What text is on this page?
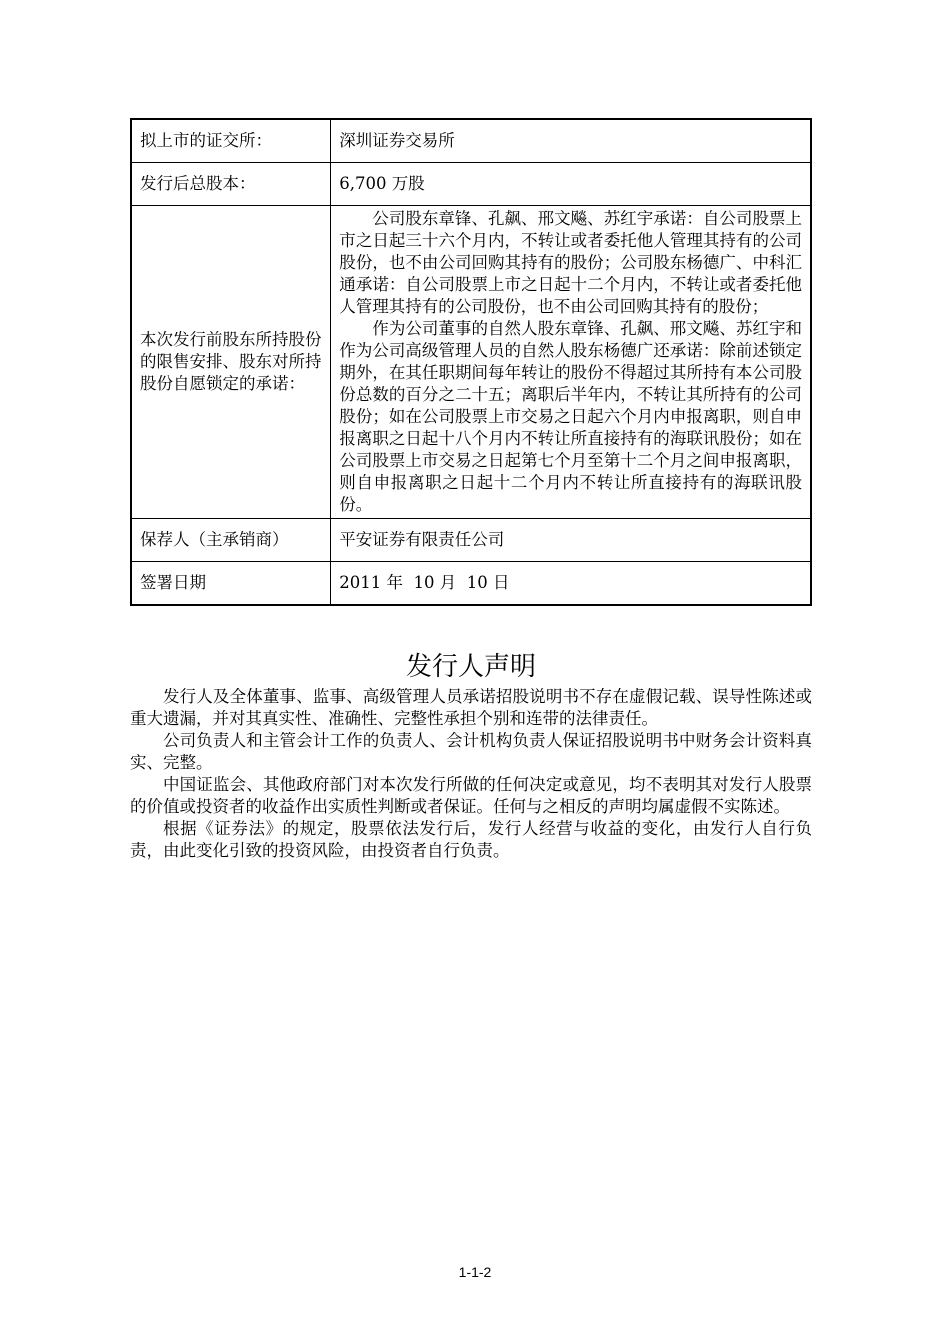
拟上市的证交所：	深圳证券交易所
发行后总股本：	6,700 万股
本次发行前股东所持股份的限售安排、股东对所持股份自愿锁定的承诺：	公司股东章锋、孔飙、邢文飚、苏红宇承诺：自公司股票上市之日起三十六个月内，不转让或者委托他人管理其持有的公司股份，也不由公司回购其持有的股份；公司股东杨德广、中科汇通承诺：自公司股票上市之日起十二个月内，不转让或者委托他人管理其持有的公司股份，也不由公司回购其持有的股份；

作为公司董事的自然人股东章锋、孔飙、邢文飚、苏红宇和作为公司高级管理人员的自然人股东杨德广还承诺：除前述锁定期外，在其任职期间每年转让的股份不得超过其所持有本公司股份总数的百分之二十五；离职后半年内，不转让其所持有的公司股份；如在公司股票上市交易之日起六个月内申报离职，则自申报离职之日起十八个月内不转让所直接持有的海联讯股份；如在公司股票上市交易之日起第七个月至第十二个月之间申报离职，则自申报离职之日起十二个月内不转让所直接持有的海联讯股份。

保荐人（主承销商）	平安证券有限责任公司
签署日期	2011 年  10 月  10 日
发行人声明

发行人及全体董事、监事、高级管理人员承诺招股说明书不存在虚假记载、误导性陈述或重大遗漏，并对其真实性、准确性、完整性承担个别和连带的法律责任。

公司负责人和主管会计工作的负责人、会计机构负责人保证招股说明书中财务会计资料真实、完整。

中国证监会、其他政府部门对本次发行所做的任何决定或意见，均不表明其对发行人股票的价值或投资者的收益作出实质性判断或者保证。任何与之相反的声明均属虚假不实陈述。

根据《证券法》的规定，股票依法发行后，发行人经营与收益的变化，由发行人自行负责，由此变化引致的投资风险，由投资者自行负责。

1-1-2
